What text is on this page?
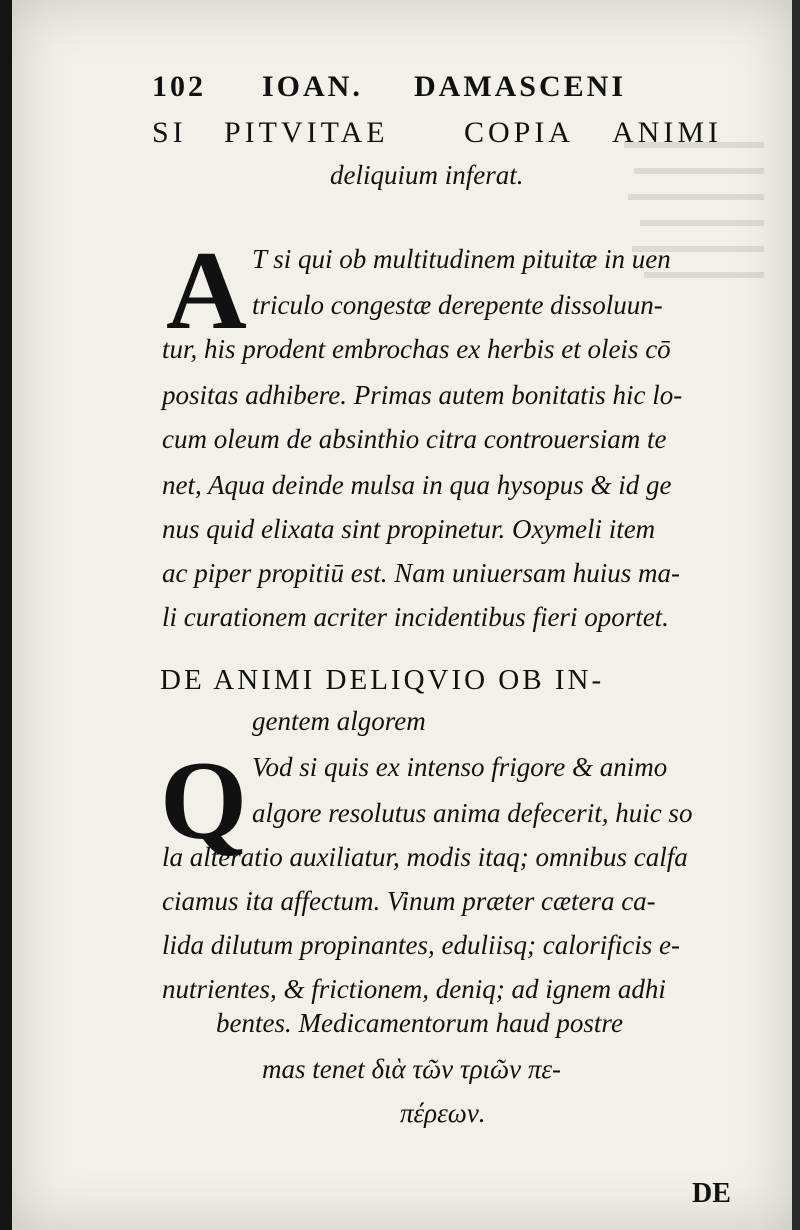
102 IOAN. DAMASCENI
SI PITVITAE	COPIA ANIMI
deliquium inferat.
A T si qui ob multitudinem pituitæ in uen
triculo congestæ derepente dissoluun-
tur, his prodent embrochas ex herbis et oleis cō
positas adhibere. Primas autem bonitatis hic lo-
cum oleum de absinthio citra controuersiam te
net, Aqua deinde mulsa in qua hysopus & id ge
nus quid elixata sint propinetur. Oxymeli item
ac piper propitiū est. Nam uniuersam huius ma-
li curationem acriter incidentibus fieri oportet.
DE ANIMI DELIQVIO OB IN-
gentem algorem
Q Vod si quis ex intenso frigore & animo
algore resolutus anima defecerit, huic so
la alteratio auxiliatur, modis itaq; omnibus calfa
ciamus ita affectum. Vinum præter cætera ca-
lida dilutum propinantes, eduliisq; calorificis e-
nutrientes, & frictionem, deniq; ad ignem adhi
bentes. Medicamentorum haud postre
mas tenet διὰ τῶν τριῶν πε-
πέρεων.
DE
